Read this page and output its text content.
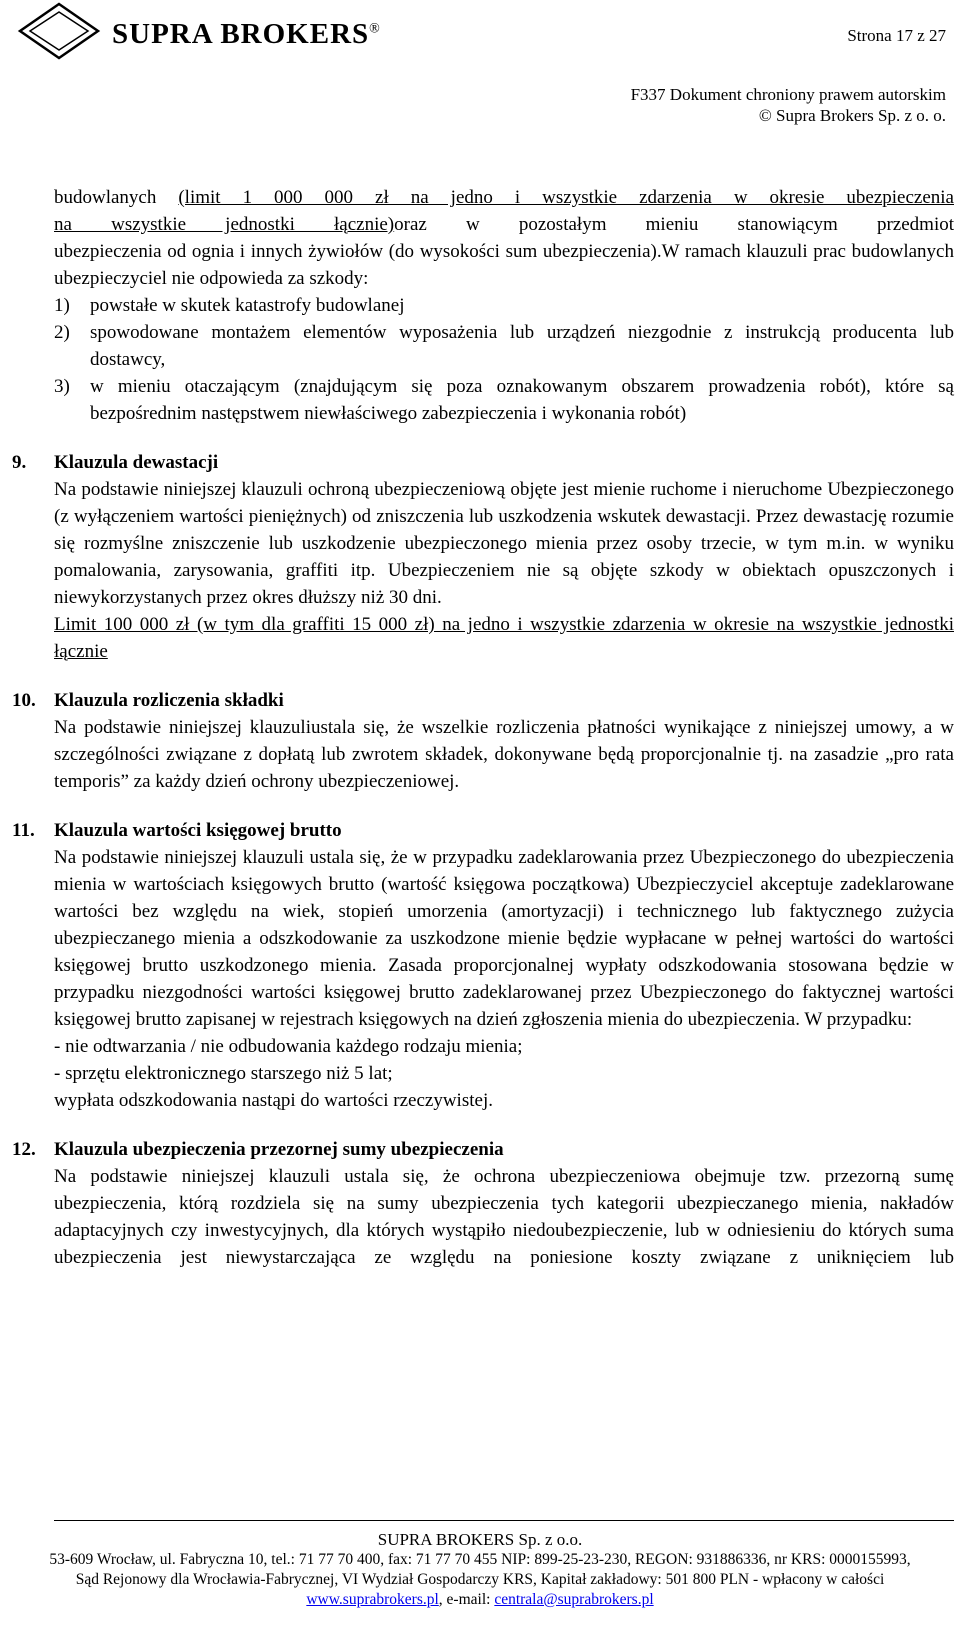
SUPRA BROKERS®	Strona 17 z 27
F337 Dokument chroniony prawem autorskim
© Supra Brokers Sp. z o. o.
budowlanych (limit 1 000 000 zł na jedno i wszystkie zdarzenia w okresie ubezpieczenia
na wszystkie jednostki łącznie)oraz w pozostałym mieniu stanowiącym przedmiot
ubezpieczenia od ognia i innych żywiołów (do wysokości sum ubezpieczenia).W ramach klauzuli prac budowlanych ubezpieczyciel nie odpowieda za szkody:
1) powstałe w skutek katastrofy budowlanej
2) spowodowane montażem elementów wyposażenia lub urządzeń niezgodnie z instrukcją producenta lub dostawcy,
3) w mieniu otaczającym (znajdującym się poza oznakowanym obszarem prowadzenia robót), które są bezpośrednim następstwem niewłaściwego zabezpieczenia i wykonania robót)
9. Klauzula dewastacji
Na podstawie niniejszej klauzuli ochroną ubezpieczeniową objęte jest mienie ruchome i nieruchome Ubezpieczonego (z wyłączeniem wartości pieniężnych) od zniszczenia lub uszkodzenia wskutek dewastacji. Przez dewastację rozumie się rozmyślne zniszczenie lub uszkodzenie ubezpieczonego mienia przez osoby trzecie, w tym m.in. w wyniku pomalowania, zarysowania, graffiti itp. Ubezpieczeniem nie są objęte szkody w obiektach opuszczonych i niewykorzystanych przez okres dłuższy niż 30 dni.
Limit 100 000 zł (w tym dla graffiti 15 000 zł) na jedno i wszystkie zdarzenia w okresie na wszystkie jednostki łącznie
10. Klauzula rozliczenia składki
Na podstawie niniejszej klauzuliustala się, że wszelkie rozliczenia płatności wynikające z niniejszej umowy, a w szczególności związane z dopłatą lub zwrotem składek, dokonywane będą proporcjonalnie tj. na zasadzie „pro rata temporis” za każdy dzień ochrony ubezpieczeniowej.
11. Klauzula wartości księgowej brutto
Na podstawie niniejszej klauzuli ustala się, że w przypadku zadeklarowania przez Ubezpieczonego do ubezpieczenia mienia w wartościach księgowych brutto (wartość księgowa początkowa) Ubezpieczyciel akceptuje zadeklarowane wartości bez względu na wiek, stopień umorzenia (amortyzacji) i technicznego lub faktycznego zużycia ubezpieczanego mienia a odszkodowanie za uszkodzone mienie będzie wypłacane w pełnej wartości do wartości księgowej brutto uszkodzonego mienia. Zasada proporcjonalnej wypłaty odszkodowania stosowana będzie w przypadku niezgodności wartości księgowej brutto zadeklarowanej przez Ubezpieczonego do faktycznej wartości księgowej brutto zapisanej w rejestrach księgowych na dzień zgłoszenia mienia do ubezpieczenia. W przypadku:
- nie odtwarzania / nie odbudowania każdego rodzaju mienia;
- sprzętu elektronicznego starszego niż 5 lat;
wypłata odszkodowania nastąpi do wartości rzeczywistej.
12. Klauzula ubezpieczenia przezornej sumy ubezpieczenia
Na podstawie niniejszej klauzuli ustala się, że ochrona ubezpieczeniowa obejmuje tzw. przezorną sumę ubezpieczenia, którą rozdziela się na sumy ubezpieczenia tych kategorii ubezpieczanego mienia, nakładów adaptacyjnych czy inwestycyjnych, dla których wystąpiło niedoubezpieczenie, lub w odniesieniu do których suma ubezpieczenia jest niewystarczająca ze względu na poniesione koszty związane z uniknięciem lub
SUPRA BROKERS Sp. z o.o.
53-609 Wrocław, ul. Fabryczna 10, tel.: 71 77 70 400, fax: 71 77 70 455 NIP: 899-25-23-230, REGON: 931886336, nr KRS: 0000155993,
Sąd Rejonowy dla Wrocławia-Fabrycznej, VI Wydział Gospodarczy KRS, Kapitał zakładowy: 501 800 PLN - wpłacony w całości
www.suprabrokers.pl, e-mail: centrala@suprabrokers.pl
